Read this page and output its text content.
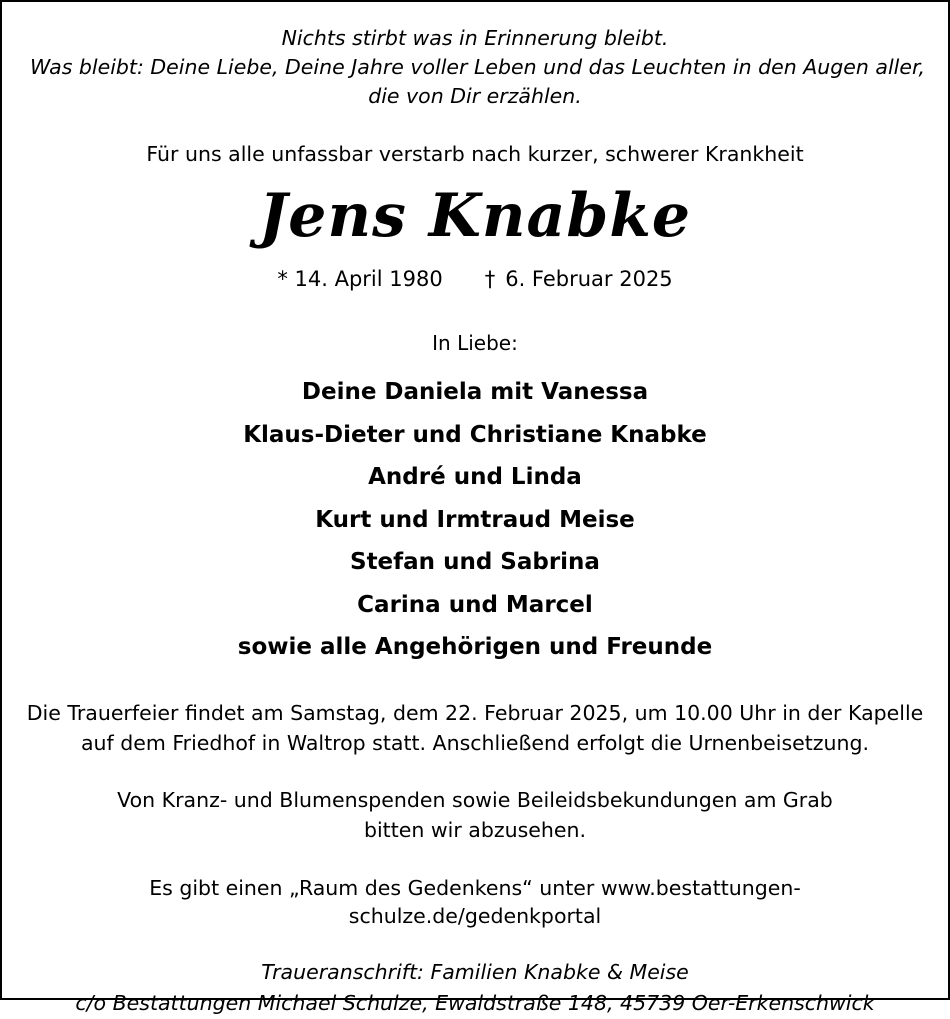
Nichts stirbt was in Erinnerung bleibt.
Was bleibt: Deine Liebe, Deine Jahre voller Leben und das Leuchten in den Augen aller,
die von Dir erzählen.
Für uns alle unfassbar verstarb nach kurzer, schwerer Krankheit
Jens Knabke
* 14. April 1980 † 6. Februar 2025
In Liebe:
Deine Daniela mit Vanessa
Klaus-Dieter und Christiane Knabke
André und Linda
Kurt und Irmtraud Meise
Stefan und Sabrina
Carina und Marcel
sowie alle Angehörigen und Freunde
Die Trauerfeier findet am Samstag, dem 22. Februar 2025, um 10.00 Uhr in der Kapelle
auf dem Friedhof in Waltrop statt. Anschließend erfolgt die Urnenbeisetzung.
Von Kranz- und Blumenspenden sowie Beileidsbekundungen am Grab
bitten wir abzusehen.
Es gibt einen „Raum des Gedenkens“ unter www.bestattungen-schulze.de/gedenkportal
Traueranschrift: Familien Knabke & Meise
c/o Bestattungen Michael Schulze, Ewaldstraße 148, 45739 Oer-Erkenschwick
